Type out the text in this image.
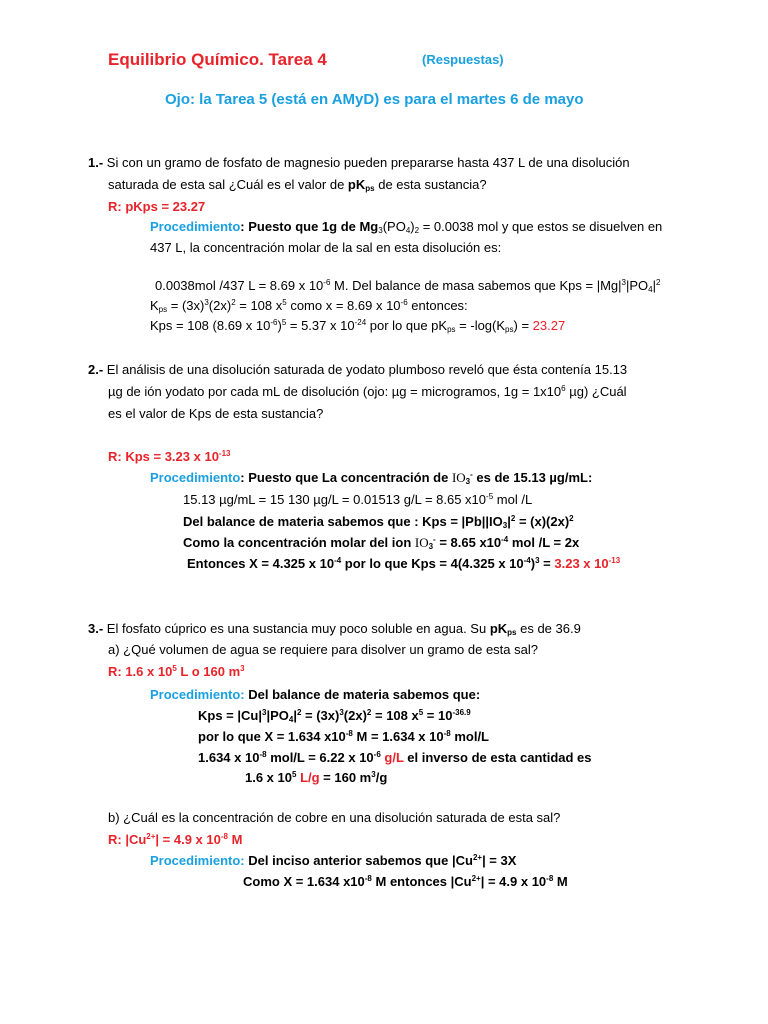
Equilibrio Químico. Tarea 4	(Respuestas)
Ojo: la Tarea 5 (está en AMyD) es para el martes 6 de mayo
1.- Si con un gramo de fosfato de magnesio pueden prepararse hasta 437 L de una disolución
saturada de esta sal ¿Cuál es el valor de $pK_{ps}$ de esta sustancia?
R: pKps = 23.27
Procedimiento: Puesto que 1g de $Mg_3(PO_4)_2 = 0.0038$ mol y que estos se disuelven en
437 L, la concentración molar de la sal en esta disolución es:
0.0038mol /437 L = 8.69 x $10^{-6}$ M. Del balance de masa sabemos que Kps = $|Mg|^3|PO_4|^2$
$K_{ps} = (3x)^3(2x)^2 = 108$ $x^5$ como x = 8.69 x $10^{-6}$ entonces:
Kps = 108 (8.69 x $10^{-6})^5 = 5.37$ x $10^{-24}$ por lo que $pK_{ps} = -\log(K_{ps}) = 23.27$
2.- El análisis de una disolución saturada de yodato plumboso reveló que ésta contenía 15.13
µg de ión yodato por cada mL de disolución (ojo: µg = microgramos, $1g = 1x10^6$ µg) ¿Cuál
es el valor de Kps de esta sustancia?
R: Kps = 3.23 x $10^{-13}$
Procedimiento: Puesto que La concentración de $IO_3^-$ es de 15.13 µg/mL:
15.13 µg/mL = 15 130 µg/L = 0.01513 g/L = 8.65 $x10^{-5}$ mol /L
Del balance de materia sabemos que : Kps = $|Pb||IO_3|^2 = (x)(2x)^2$
Como la concentración molar del ion $IO_3^- = 8.65$ $x10^{-4}$ mol /L = 2x
Entonces X = 4.325 x $10^{-4}$ por lo que Kps = 4(4.325 x $10^{-4})^3 = 3.23$ x $10^{-13}$
3.- El fosfato cúprico es una sustancia muy poco soluble en agua. Su $pK_{ps}$ es de 36.9
a) ¿Qué volumen de agua se requiere para disolver un gramo de esta sal?
R: 1.6 x $10^5$ L o 160 $m^3$
Procedimiento: Del balance de materia sabemos que:
Kps = $|Cu|^3|PO_4|^2 = (3x)^3(2x)^2 = 108$ $x^5 = 10^{-36.9}$
por lo que X = 1.634 $x10^{-8}$ M = 1.634 x $10^{-8}$ mol/L
1.634 x $10^{-8}$ mol/L = 6.22 x $10^{-6}$ g/L el inverso de esta cantidad es
1.6 x $10^5$ L/g = 160 $m^3/g$
b) ¿Cuál es la concentración de cobre en una disolución saturada de esta sal?
R: $|Cu^{2+}| = 4.9$ x $10^{-8}$ M
Procedimiento: Del inciso anterior sabemos que $|Cu^{2+}| = 3X$
Como X = 1.634 $x10^{-8}$ M entonces $|Cu^{2+}| = 4.9$ x $10^{-8}$ M
